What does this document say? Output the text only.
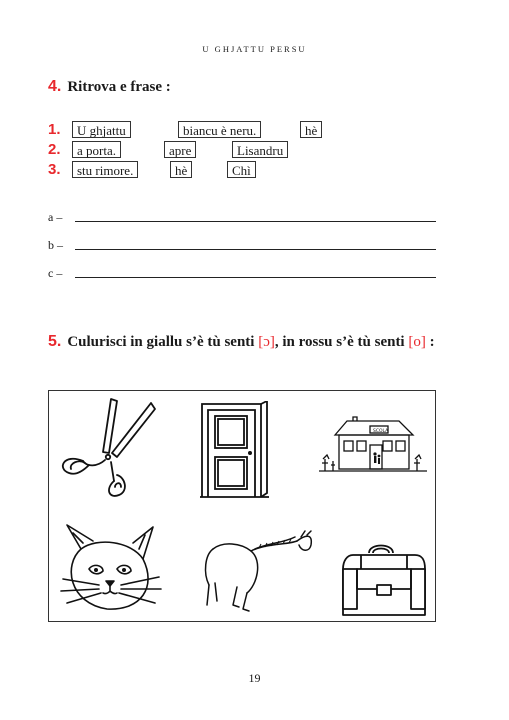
U GHJATTU PERSU
4. Ritrova e frase :
1.	U ghjattu	biancu è neru.	hè
2.	a porta.	apre	Lisandru
3.	stu rimore.	hè	Chì
a –
b –
c –
5. Culurisci in giallu s’è tù senti [ɔ], in rossu s’è tù senti [o] :
SCOLA
19
